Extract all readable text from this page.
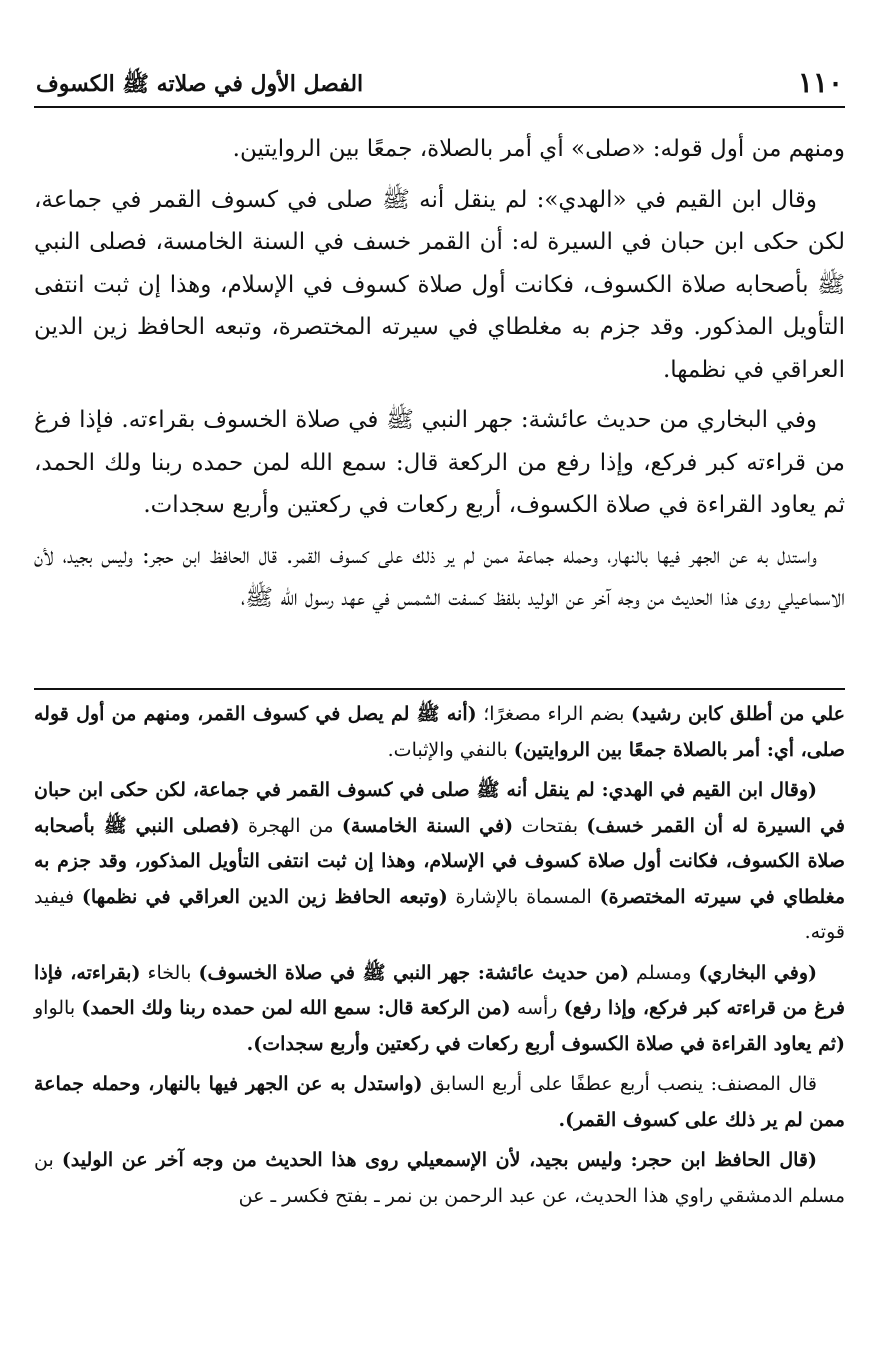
١١٠
الفصل الأول في صلاته ﷺ الكسوف

ومنهم من أول قوله: «صلى» أي أمر بالصلاة، جمعًا بين الروايتين.

وقال ابن القيم في «الهدي»: لم ينقل أنه ﷺ صلى في كسوف القمر في جماعة، لكن حكى ابن حبان في السيرة له: أن القمر خسف في السنة الخامسة، فصلى النبي ﷺ بأصحابه صلاة الكسوف، فكانت أول صلاة كسوف في الإسلام، وهذا إن ثبت انتفى التأويل المذكور. وقد جزم به مغلطاي في سيرته المختصرة، وتبعه الحافظ زين الدين العراقي في نظمها.

وفي البخاري من حديث عائشة: جهر النبي ﷺ في صلاة الخسوف بقراءته. فإذا فرغ من قراءته كبر فركع، وإذا رفع من الركعة قال: سمع الله لمن حمده ربنا ولك الحمد، ثم يعاود القراءة في صلاة الكسوف، أربع ركعات في ركعتين وأربع سجدات.

واستدل به عن الجهر فيها بالنهار، وحمله جماعة ممن لم ير ذلك على كسوف القمر. قال الحافظ ابن حجر: وليس بجيد، لأن الاسماعيلي روى هذا الحديث من وجه آخر عن الوليد بلفظ كسفت الشمس في عهد رسول الله ﷺ،

علي من أطلق كابن رشيد) بضم الراء مصغرًا؛ (أنه ﷺ لم يصل في كسوف القمر، ومنهم من أول قوله صلى، أي: أمر بالصلاة جمعًا بين الروايتين) بالنفي والإثبات.

(وقال ابن القيم في الهدي: لم ينقل أنه ﷺ صلى في كسوف القمر في جماعة، لكن حكى ابن حبان في السيرة له أن القمر خسف) بفتحات (في السنة الخامسة) من الهجرة (فصلى النبي ﷺ بأصحابه صلاة الكسوف، فكانت أول صلاة كسوف في الإسلام، وهذا إن ثبت انتفى التأويل المذكور، وقد جزم به مغلطاي في سيرته المختصرة) المسماة بالإشارة (وتبعه الحافظ زين الدين العراقي في نظمها) فيفيد قوته.

(وفي البخاري) ومسلم (من حديث عائشة: جهر النبي ﷺ في صلاة الخسوف) بالخاء (بقراءته، فإذا فرغ من قراءته كبر فركع، وإذا رفع) رأسه (من الركعة قال: سمع الله لمن حمده ربنا ولك الحمد) بالواو (ثم يعاود القراءة في صلاة الكسوف أربع ركعات في ركعتين وأربع سجدات).

قال المصنف: ينصب أربع عطفًا على أربع السابق (واستدل به عن الجهر فيها بالنهار، وحمله جماعة ممن لم ير ذلك على كسوف القمر).

(قال الحافظ ابن حجر: وليس بجيد، لأن الإسمعيلي روى هذا الحديث من وجه آخر عن الوليد) بن مسلم الدمشقي راوي هذا الحديث، عن عبد الرحمن بن نمر ـ بفتح فكسر ـ عن
